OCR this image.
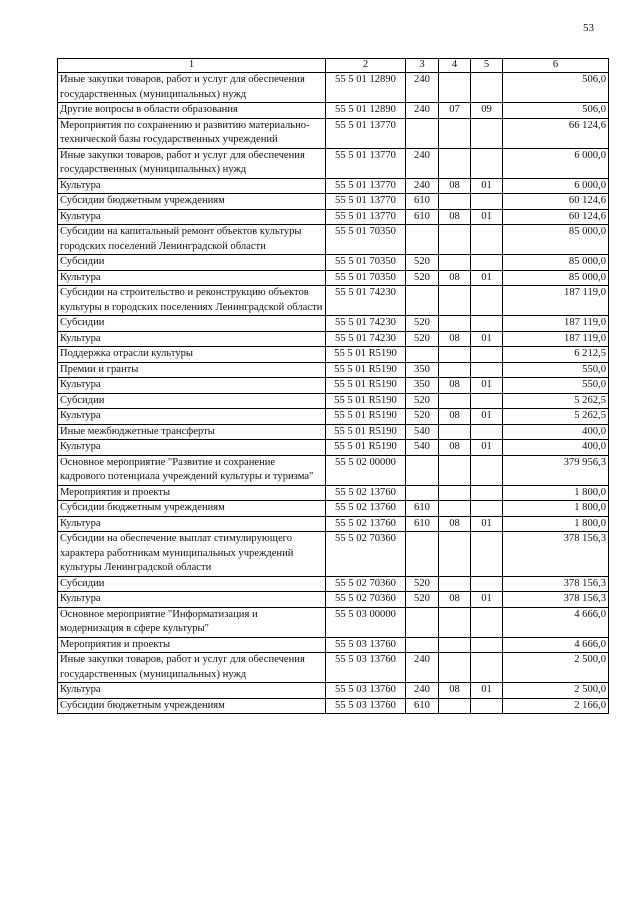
53
1	2	3	4	5	6
Иные закупки товаров, работ и услуг для обеспечения государственных (муниципальных) нужд	55 5 01 12890	240			506,0
Другие вопросы в области образования	55 5 01 12890	240	07	09	506,0
Мероприятия по сохранению и развитию материально-технической базы государственных учреждений	55 5 01 13770				66 124,6
Иные закупки товаров, работ и услуг для обеспечения государственных (муниципальных) нужд	55 5 01 13770	240			6 000,0
Культура	55 5 01 13770	240	08	01	6 000,0
Субсидии бюджетным учреждениям	55 5 01 13770	610			60 124,6
Культура	55 5 01 13770	610	08	01	60 124,6
Субсидии на капитальный ремонт объектов культуры городских поселений Ленинградской области	55 5 01 70350				85 000,0
Субсидии	55 5 01 70350	520			85 000,0
Культура	55 5 01 70350	520	08	01	85 000,0
Субсидии на строительство и реконструкцию объектов культуры в городских поселениях Ленинградской области	55 5 01 74230				187 119,0
Субсидии	55 5 01 74230	520			187 119,0
Культура	55 5 01 74230	520	08	01	187 119,0
Поддержка отрасли культуры	55 5 01 R5190				6 212,5
Премии и гранты	55 5 01 R5190	350			550,0
Культура	55 5 01 R5190	350	08	01	550,0
Субсидии	55 5 01 R5190	520			5 262,5
Культура	55 5 01 R5190	520	08	01	5 262,5
Иные межбюджетные трансферты	55 5 01 R5190	540			400,0
Культура	55 5 01 R5190	540	08	01	400,0
Основное мероприятие "Развитие и сохранение кадрового потенциала учреждений культуры и туризма"	55 5 02 00000				379 956,3
Мероприятия и проекты	55 5 02 13760				1 800,0
Субсидии бюджетным учреждениям	55 5 02 13760	610			1 800,0
Культура	55 5 02 13760	610	08	01	1 800,0
Субсидии на обеспечение выплат стимулирующего характера работникам муниципальных учреждений культуры Ленинградской области	55 5 02 70360				378 156,3
Субсидии	55 5 02 70360	520			378 156,3
Культура	55 5 02 70360	520	08	01	378 156,3
Основное мероприятие "Информатизация и модернизация в сфере культуры"	55 5 03 00000				4 666,0
Мероприятия и проекты	55 5 03 13760				4 666,0
Иные закупки товаров, работ и услуг для обеспечения государственных (муниципальных) нужд	55 5 03 13760	240			2 500,0
Культура	55 5 03 13760	240	08	01	2 500,0
Субсидии бюджетным учреждениям	55 5 03 13760	610			2 166,0
